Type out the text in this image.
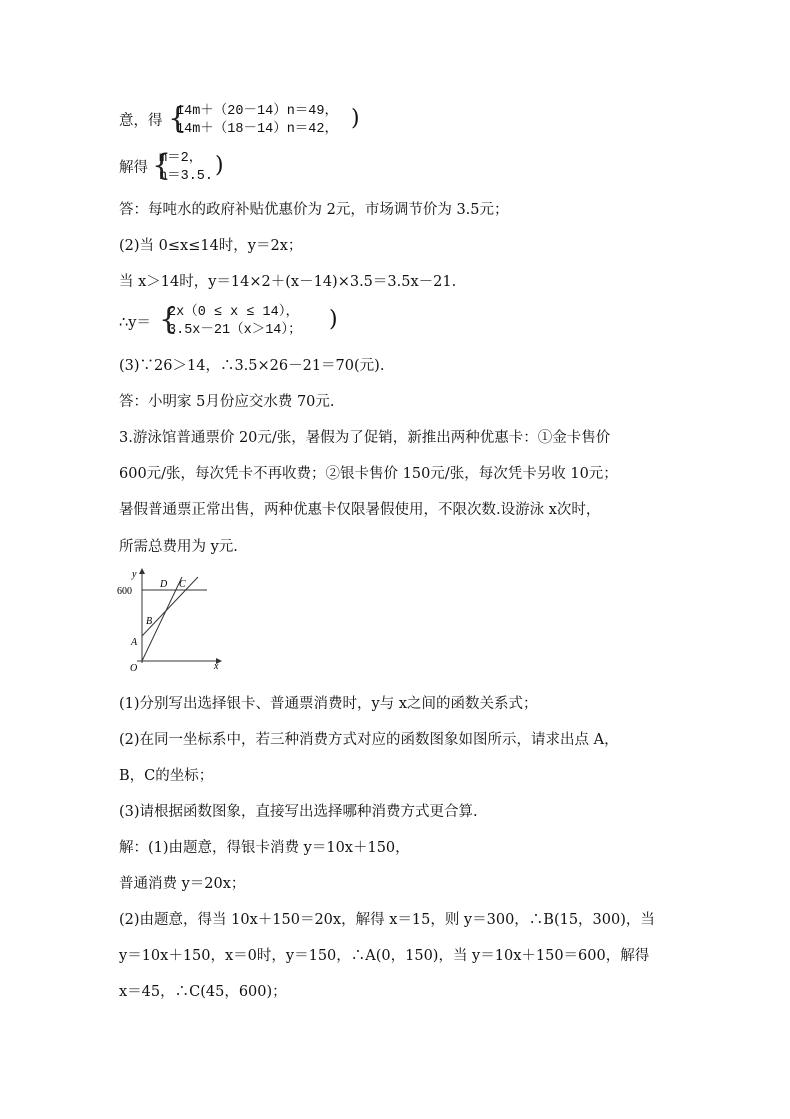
意，得 {
14m＋（20－14）n＝49，
14m＋（18－14）n＝42， )
解得 {
m＝2，
n＝3.5. )
答：每吨水的政府补贴优惠价为 2元，市场调节价为 3.5元；
(2)当 0≤x≤14时，y＝2x；
当 x＞14时，y＝14×2＋(x－14)×3.5＝3.5x－21.
∴y＝ {
2x（0 ≤ x ≤ 14），
3.5x－21（x＞14）； )
(3)∵26＞14，∴3.5×26－21＝70(元).
答：小明家 5月份应交水费 70元.
3.游泳馆普通票价 20元/张，暑假为了促销，新推出两种优惠卡：①金卡售价
600元/张，每次凭卡不再收费；②银卡售价 150元/张，每次凭卡另收 10元；
暑假普通票正常出售，两种优惠卡仅限暑假使用，不限次数.设游泳 x次时，
所需总费用为 y元.
y
x
600
O
A
B
D C
(1)分别写出选择银卡、普通票消费时，y与 x之间的函数关系式；
(2)在同一坐标系中，若三种消费方式对应的函数图象如图所示，请求出点 A，
B，C的坐标；
(3)请根据函数图象，直接写出选择哪种消费方式更合算.
解：(1)由题意，得银卡消费 y＝10x＋150，
普通消费 y＝20x；
(2)由题意，得当 10x＋150＝20x，解得 x＝15，则 y＝300，∴B(15，300)，当
y＝10x＋150，x＝0时，y＝150，∴A(0，150)，当 y＝10x＋150＝600，解得
x＝45，∴C(45，600)；
